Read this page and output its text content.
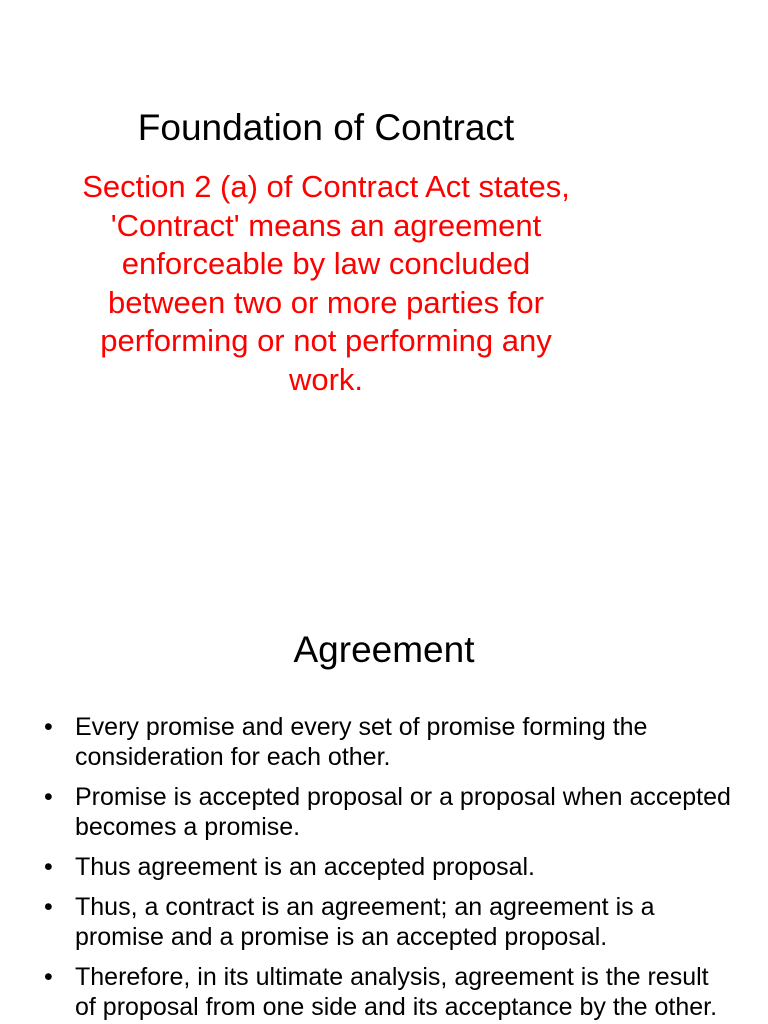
Foundation of Contract

Section 2 (a) of Contract Act states, 'Contract' means an agreement enforceable by law concluded between two or more parties for performing or not performing any work.

Agreement
• Every promise and every set of promise forming the consideration for each other.
• Promise is accepted proposal or a proposal when accepted becomes a promise.
• Thus agreement is an accepted proposal.
• Thus, a contract is an agreement; an agreement is a promise and a promise is an accepted proposal.
• Therefore, in its ultimate analysis, agreement is the result of proposal from one side and its acceptance by the other.
